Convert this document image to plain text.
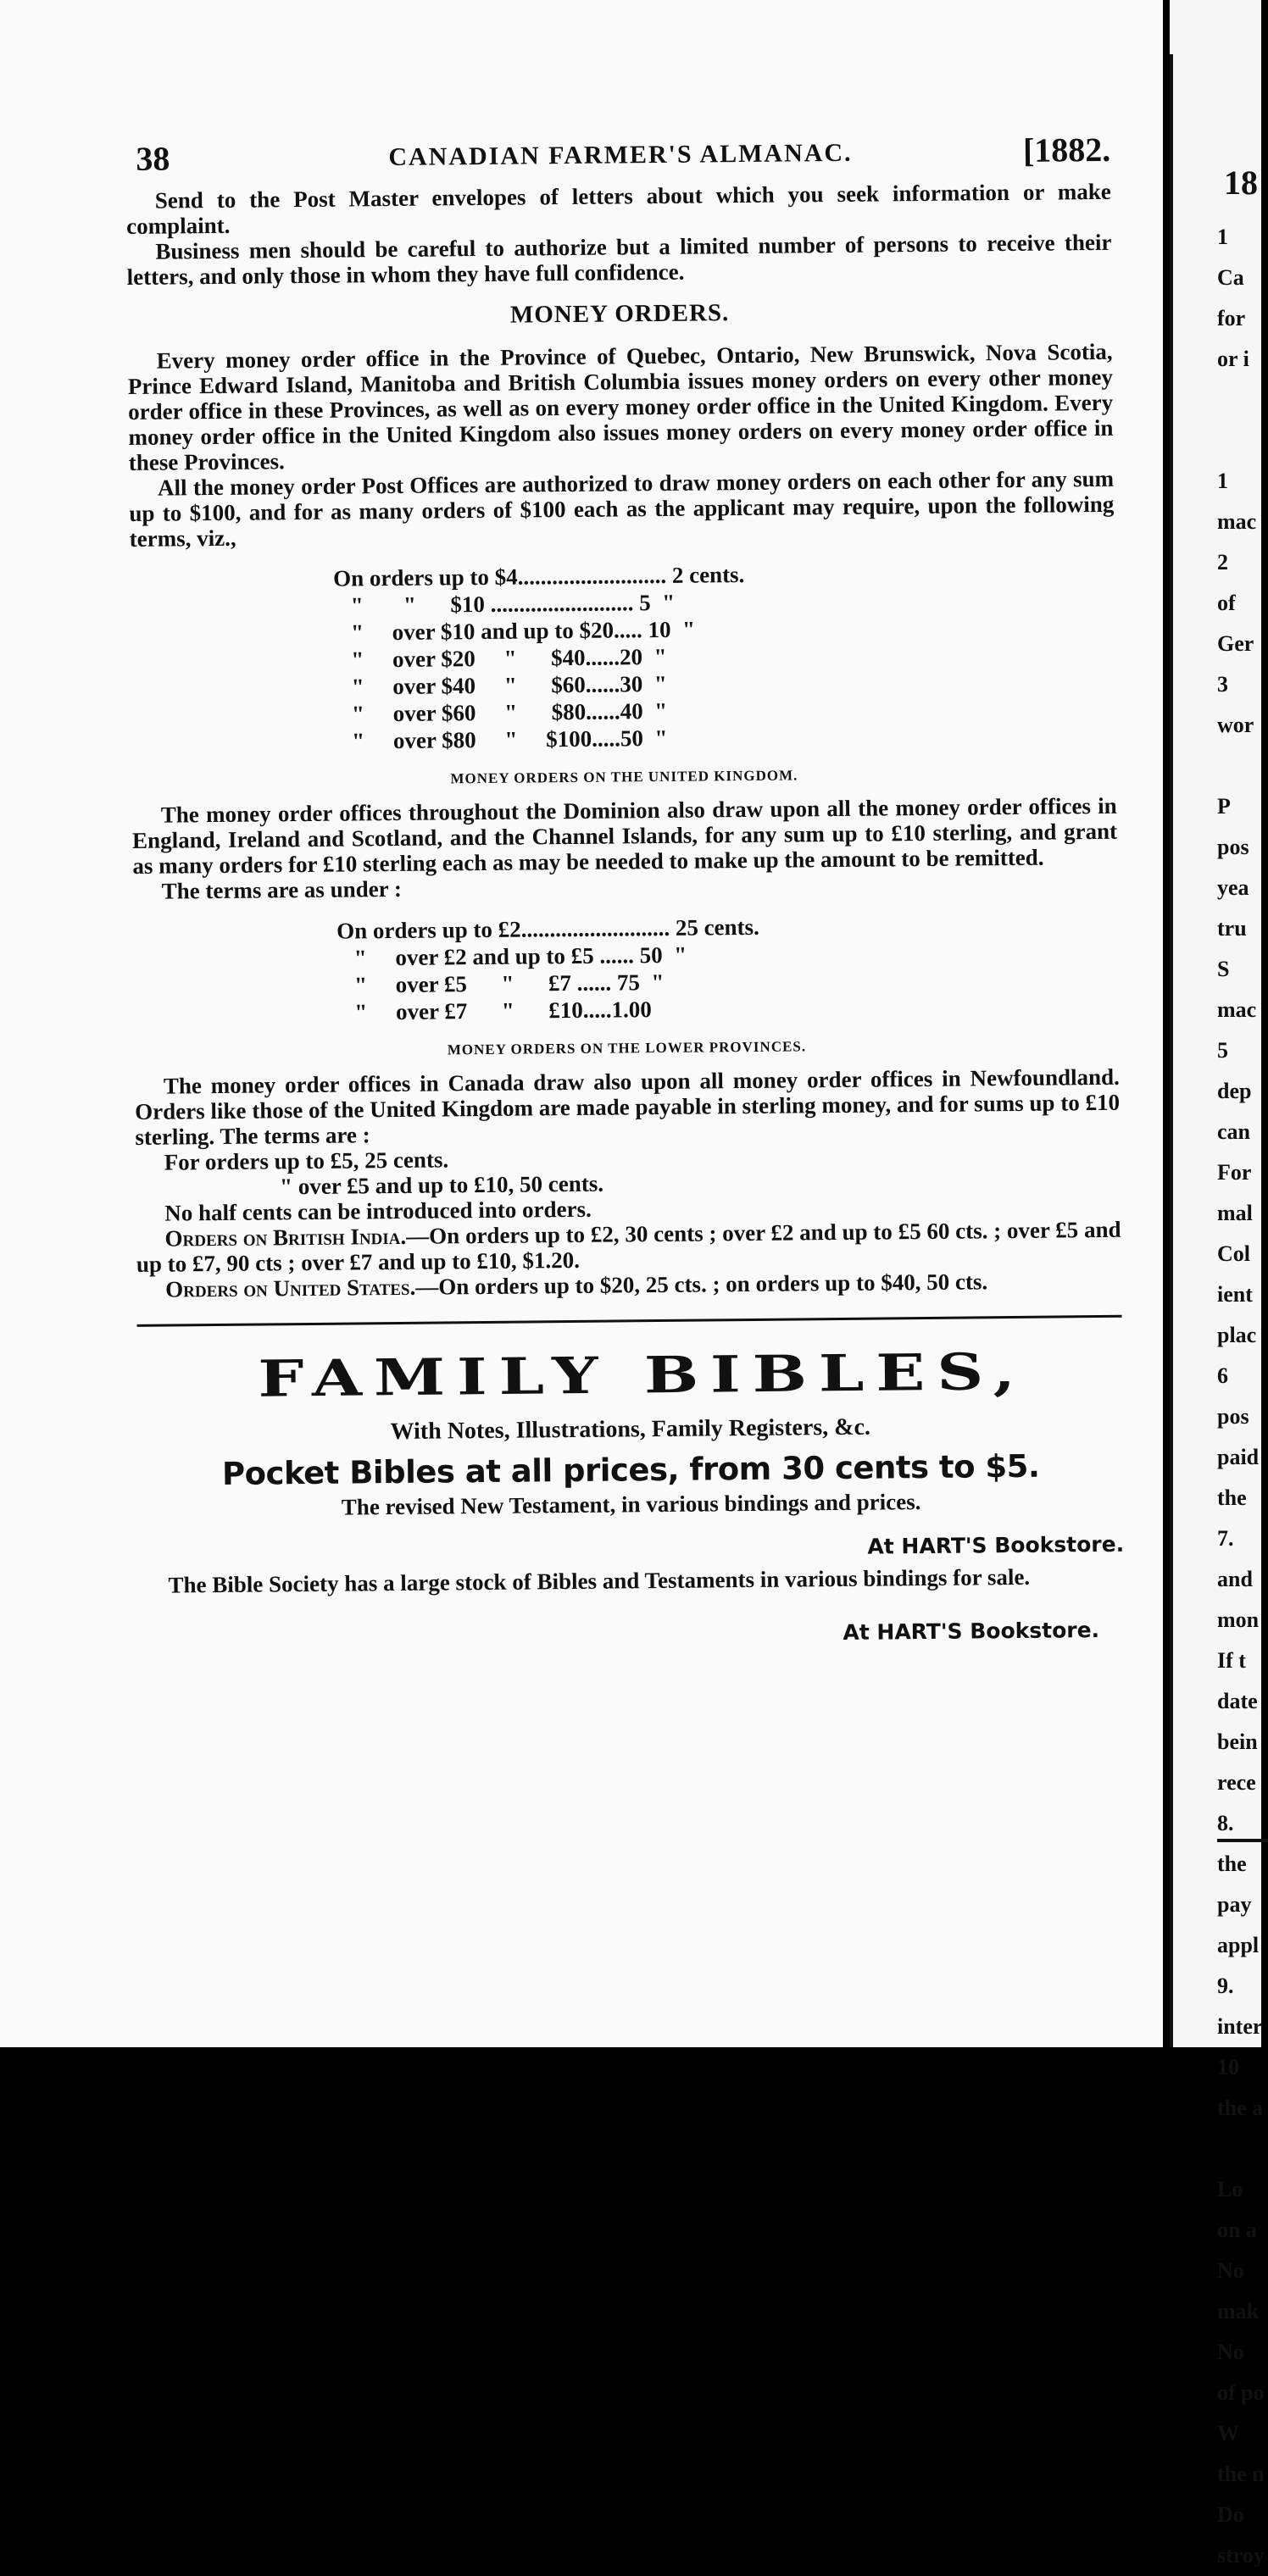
38	CANADIAN FARMER'S ALMANAC.	[1882.

Send to the Post Master envelopes of letters about which you seek information or make complaint.

Business men should be careful to authorize but a limited number of persons to receive their letters, and only those in whom they have full confidence.

MONEY ORDERS.

Every money order office in the Province of Quebec, Ontario, New Brunswick, Nova Scotia, Prince Edward Island, Manitoba and British Columbia issues money orders on every other money order office in these Provinces, as well as on every money order office in the United Kingdom. Every money order office in the United Kingdom also issues money orders on every money order office in these Provinces.

All the money order Post Offices are authorized to draw money orders on each other for any sum up to $100, and for as many orders of $100 each as the applicant may require, upon the following terms, viz.,

On orders up to $4.......................... 2 cents.
"       "      $10 ......................... 5  "
"     over $10 and up to $20..... 10  "
"     over $20     "      $40......20  "
"     over $40     "      $60......30  "
"     over $60     "      $80......40  "
"     over $80     "     $100.....50  "
MONEY ORDERS ON THE UNITED KINGDOM.

The money order offices throughout the Dominion also draw upon all the money order offices in England, Ireland and Scotland, and the Channel Islands, for any sum up to £10 sterling, and grant as many orders for £10 sterling each as may be needed to make up the amount to be remitted.

The terms are as under :

On orders up to £2.......................... 25 cents.
"     over £2 and up to £5 ...... 50  "
"     over £5      "      £7 ...... 75  "
"     over £7      "      £10.....1.00
MONEY ORDERS ON THE LOWER PROVINCES.

The money order offices in Canada draw also upon all money order offices in Newfoundland. Orders like those of the United Kingdom are made payable in sterling money, and for sums up to £10 sterling. The terms are :

For orders up to £5, 25 cents.

" over £5 and up to £10, 50 cents.

No half cents can be introduced into orders.

Orders on British India.—On orders up to £2, 30 cents ; over £2 and up to £5 60 cts. ; over £5 and up to £7, 90 cts ; over £7 and up to £10, $1.20.

Orders on United States.—On orders up to $20, 25 cts. ; on orders up to $40, 50 cts.

FAMILY BIBLES,
With Notes, Illustrations, Family Registers, &c.
Pocket Bibles at all prices, from 30 cents to $5.
The revised New Testament, in various bindings and prices.
At HART'S Bookstore.

The Bible Society has a large stock of Bibles and Testaments in various bindings for sale.

At HART'S Bookstore.
18
1
Ca
for
or i

1
mac
2
of
Ger
3
wor

P
pos
yea
tru
S
mac
5
dep
can
For
mal
Col
ient
plac
6
pos
paid
the
7.
and
mon
If t
date
bein
rece
8.
the
pay
appl
9.
inter
10
the a

Lo
on a
No
mak
No
of po
W
the n
Do
stroy
